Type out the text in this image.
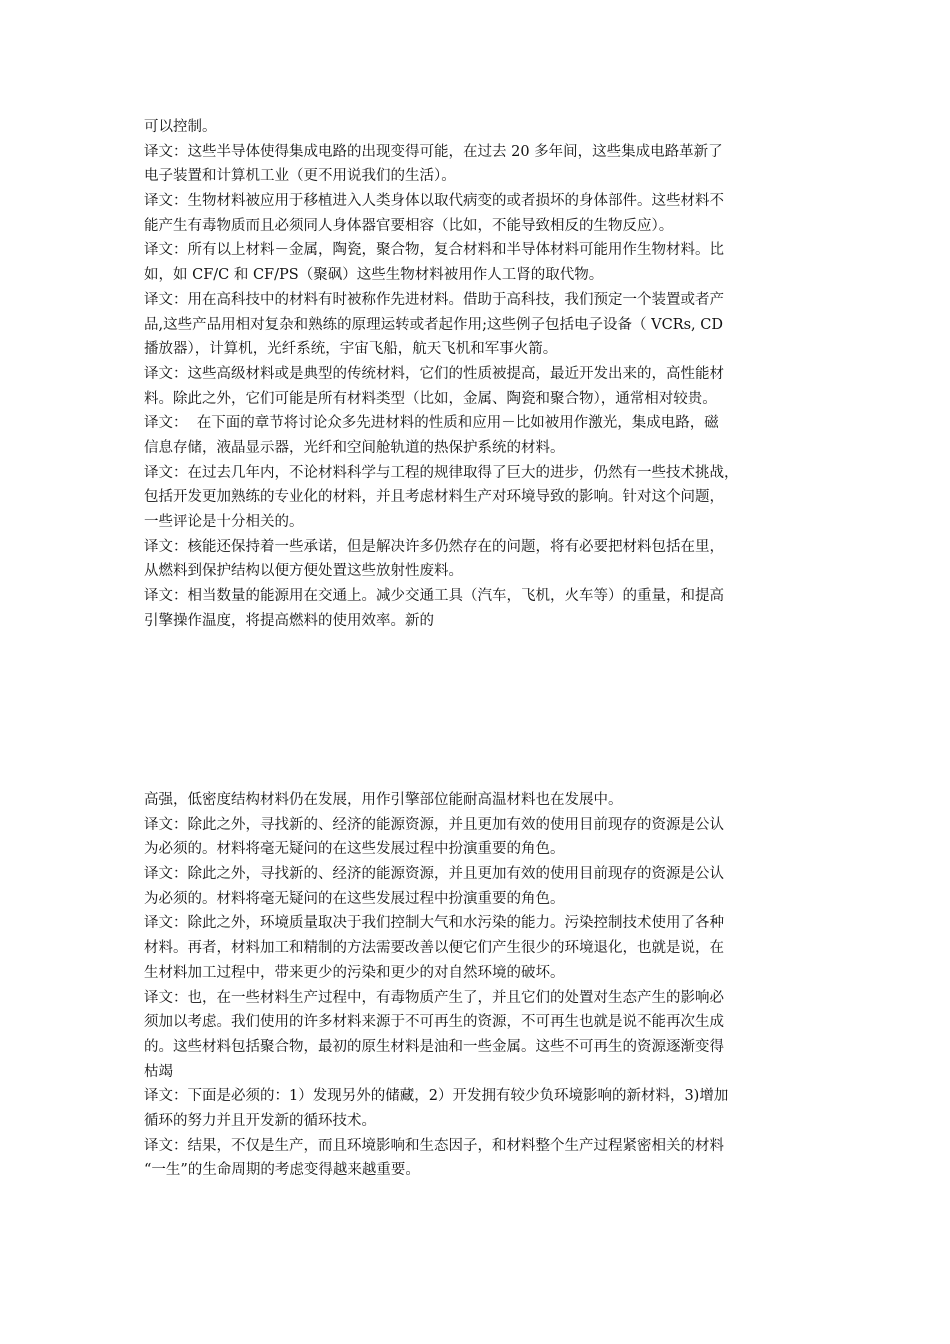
可以控制。
译文：这些半导体使得集成电路的出现变得可能，在过去 20 多年间，这些集成电路革新了
电子装置和计算机工业（更不用说我们的生活）。
译文：生物材料被应用于移植进入人类身体以取代病变的或者损坏的身体部件。这些材料不
能产生有毒物质而且必须同人身体器官要相容（比如，不能导致相反的生物反应）。
译文：所有以上材料－金属，陶瓷，聚合物，复合材料和半导体材料可能用作生物材料。比
如，如 CF/C 和 CF/PS（聚砜）这些生物材料被用作人工肾的取代物。
译文：用在高科技中的材料有时被称作先进材料。借助于高科技，我们预定一个装置或者产
品,这些产品用相对复杂和熟练的原理运转或者起作用;这些例子包括电子设备（ VCRs, CD
播放器），计算机，光纤系统，宇宙飞船，航天飞机和军事火箭。
译文：这些高级材料或是典型的传统材料，它们的性质被提高，最近开发出来的，高性能材
料。除此之外，它们可能是所有材料类型（比如，金属、陶瓷和聚合物），通常相对较贵。
译文：  在下面的章节将讨论众多先进材料的性质和应用－比如被用作激光，集成电路，磁
信息存储，液晶显示器，光纤和空间舱轨道的热保护系统的材料。
译文：在过去几年内，不论材料科学与工程的规律取得了巨大的进步，仍然有一些技术挑战，
包括开发更加熟练的专业化的材料，并且考虑材料生产对环境导致的影响。针对这个问题，
一些评论是十分相关的。
译文：核能还保持着一些承诺，但是解决许多仍然存在的问题，将有必要把材料包括在里，
从燃料到保护结构以便方便处置这些放射性废料。
译文：相当数量的能源用在交通上。减少交通工具（汽车，飞机，火车等）的重量，和提高
引擎操作温度，将提高燃料的使用效率。新的
高强，低密度结构材料仍在发展，用作引擎部位能耐高温材料也在发展中。
译文：除此之外，寻找新的、经济的能源资源，并且更加有效的使用目前现存的资源是公认
为必须的。材料将毫无疑问的在这些发展过程中扮演重要的角色。
译文：除此之外，寻找新的、经济的能源资源，并且更加有效的使用目前现存的资源是公认
为必须的。材料将毫无疑问的在这些发展过程中扮演重要的角色。
译文：除此之外，环境质量取决于我们控制大气和水污染的能力。污染控制技术使用了各种
材料。再者，材料加工和精制的方法需要改善以便它们产生很少的环境退化，也就是说，在
生材料加工过程中，带来更少的污染和更少的对自然环境的破坏。
译文：也，在一些材料生产过程中，有毒物质产生了，并且它们的处置对生态产生的影响必
须加以考虑。我们使用的许多材料来源于不可再生的资源，不可再生也就是说不能再次生成
的。这些材料包括聚合物，最初的原生材料是油和一些金属。这些不可再生的资源逐渐变得
枯竭
译文：下面是必须的：1）发现另外的储藏，2）开发拥有较少负环境影响的新材料，3)增加
循环的努力并且开发新的循环技术。
译文：结果，不仅是生产，而且环境影响和生态因子，和材料整个生产过程紧密相关的材料
“一生”的生命周期的考虑变得越来越重要。
